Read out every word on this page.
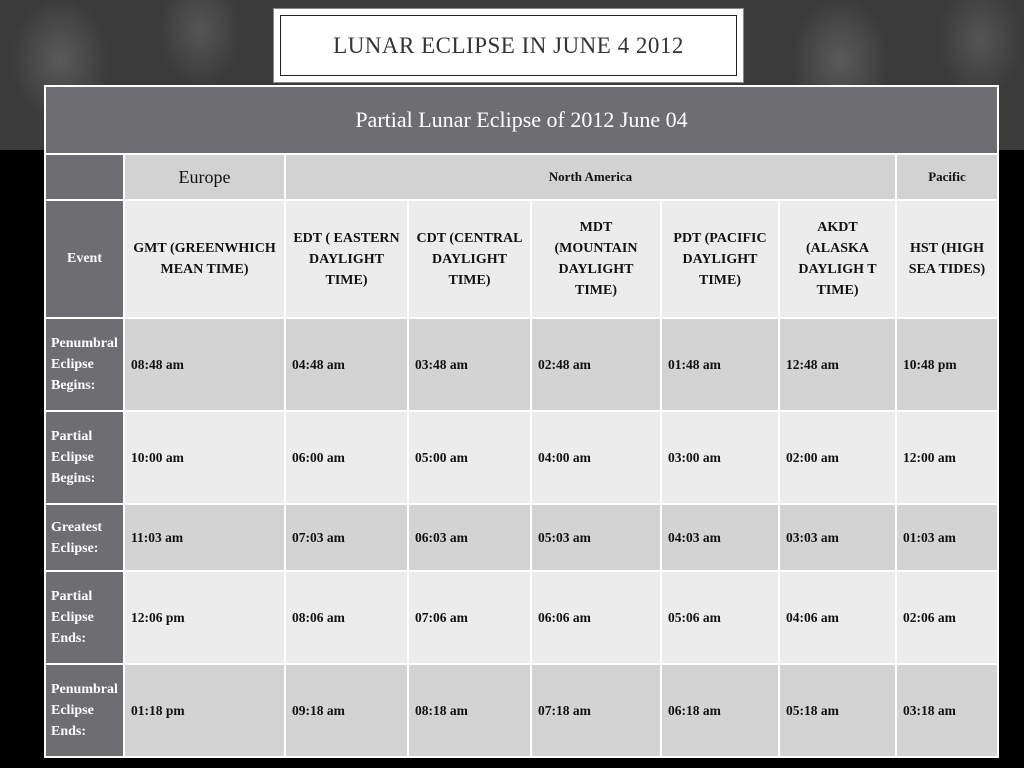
LUNAR ECLIPSE IN JUNE 4 2012
Partial Lunar Eclipse of 2012 June 04							
	Europe	North America					Pacific
Event	GMT (GREENWHICH MEAN TIME)	EDT ( EASTERN DAYLIGHT TIME)	CDT (CENTRAL DAYLIGHT TIME)	MDT (MOUNTAIN DAYLIGHT TIME)	PDT (PACIFIC DAYLIGHT TIME)	AKDT (ALASKA DAYLIGH T TIME)	HST (HIGH SEA TIDES)
Penumbral Eclipse Begins:	08:48 am	04:48 am	03:48 am	02:48 am	01:48 am	12:48 am	10:48 pm
Partial Eclipse Begins:	10:00 am	06:00 am	05:00 am	04:00 am	03:00 am	02:00 am	12:00 am
Greatest Eclipse:	11:03 am	07:03 am	06:03 am	05:03 am	04:03 am	03:03 am	01:03 am
Partial Eclipse Ends:	12:06 pm	08:06 am	07:06 am	06:06 am	05:06 am	04:06 am	02:06 am
Penumbral Eclipse Ends:	01:18 pm	09:18 am	08:18 am	07:18 am	06:18 am	05:18 am	03:18 am
